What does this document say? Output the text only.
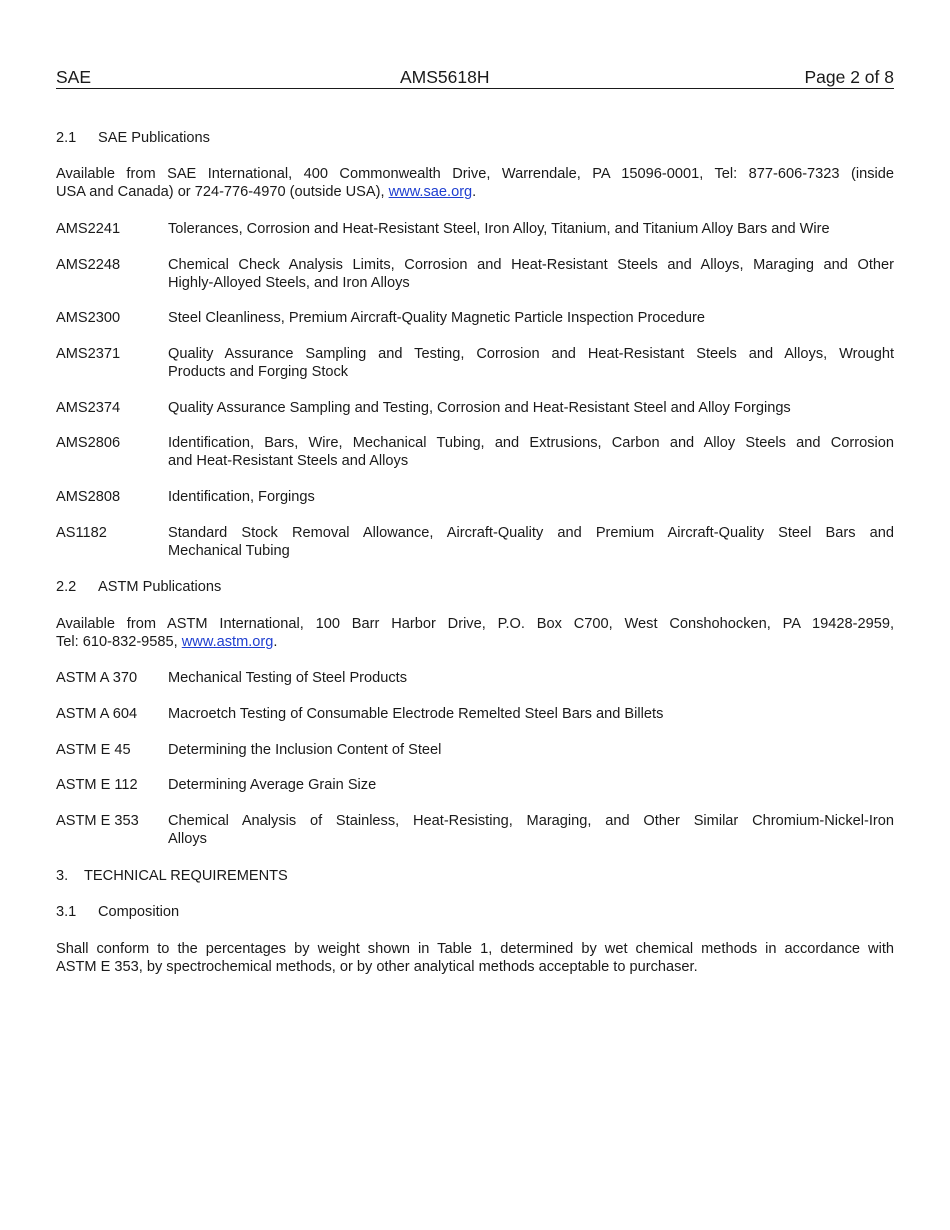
SAE	AMS5618H	Page 2 of 8
2.1 SAE Publications
Available from SAE International, 400 Commonwealth Drive, Warrendale, PA 15096-0001, Tel: 877-606-7323 (inside
USA and Canada) or 724-776-4970 (outside USA), www.sae.org.
AMS2241	Tolerances, Corrosion and Heat-Resistant Steel, Iron Alloy, Titanium, and Titanium Alloy Bars and Wire
AMS2248	Chemical Check Analysis Limits, Corrosion and Heat-Resistant Steels and Alloys, Maraging and Other
Highly-Alloyed Steels, and Iron Alloys
AMS2300	Steel Cleanliness, Premium Aircraft-Quality Magnetic Particle Inspection Procedure
AMS2371	Quality Assurance Sampling and Testing, Corrosion and Heat-Resistant Steels and Alloys, Wrought
Products and Forging Stock
AMS2374	Quality Assurance Sampling and Testing, Corrosion and Heat-Resistant Steel and Alloy Forgings
AMS2806	Identification, Bars, Wire, Mechanical Tubing, and Extrusions, Carbon and Alloy Steels and Corrosion
and Heat-Resistant Steels and Alloys
AMS2808	Identification, Forgings
AS1182	Standard Stock Removal Allowance, Aircraft-Quality and Premium Aircraft-Quality Steel Bars and
Mechanical Tubing
2.2 ASTM Publications
Available from ASTM International, 100 Barr Harbor Drive, P.O. Box C700, West Conshohocken, PA 19428-2959,
Tel: 610-832-9585, www.astm.org.
ASTM A 370	Mechanical Testing of Steel Products
ASTM A 604	Macroetch Testing of Consumable Electrode Remelted Steel Bars and Billets
ASTM E 45	Determining the Inclusion Content of Steel
ASTM E 112	Determining Average Grain Size
ASTM E 353	Chemical Analysis of Stainless, Heat-Resisting, Maraging, and Other Similar Chromium-Nickel-Iron
Alloys
3. TECHNICAL REQUIREMENTS
3.1 Composition
Shall conform to the percentages by weight shown in Table 1, determined by wet chemical methods in accordance with
ASTM E 353, by spectrochemical methods, or by other analytical methods acceptable to purchaser.
